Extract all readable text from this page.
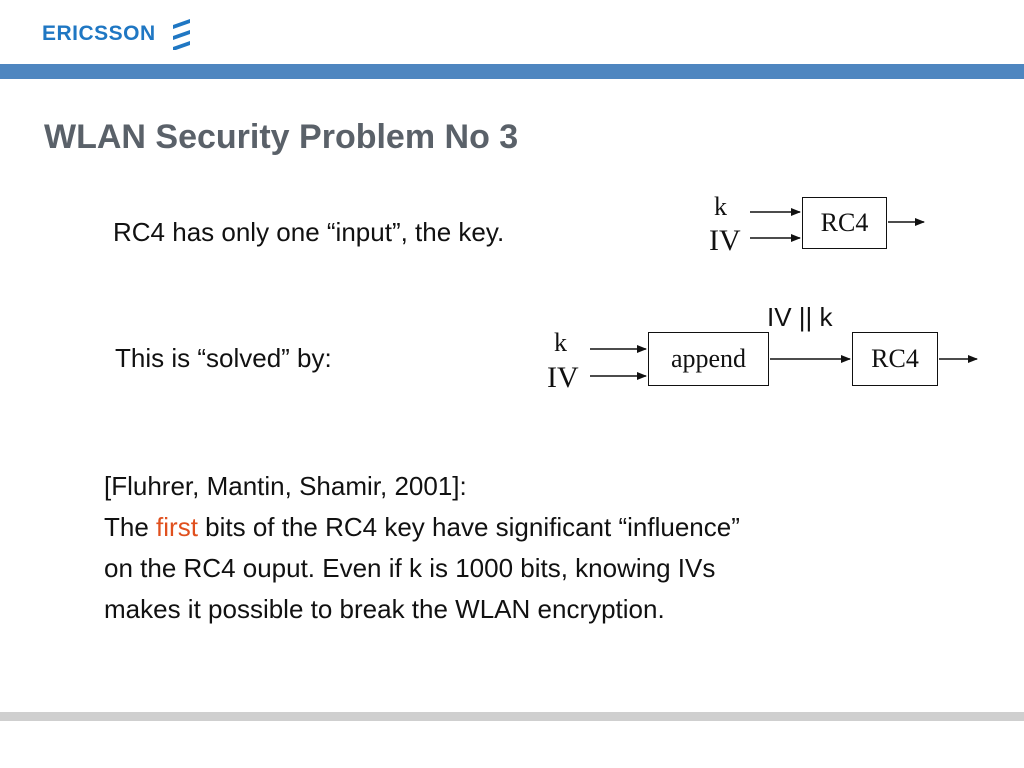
ERICSSON
WLAN Security Problem No 3
RC4 has only one “input”, the key.
k
IV
RC4
This is “solved” by:
IV || k
k
IV
append	RC4

[Fluhrer, Mantin, Shamir, 2001]:
The first bits of the RC4 key have significant “influence”
on the RC4 ouput. Even if k is 1000 bits, knowing IVs
makes it possible to break the WLAN encryption.
